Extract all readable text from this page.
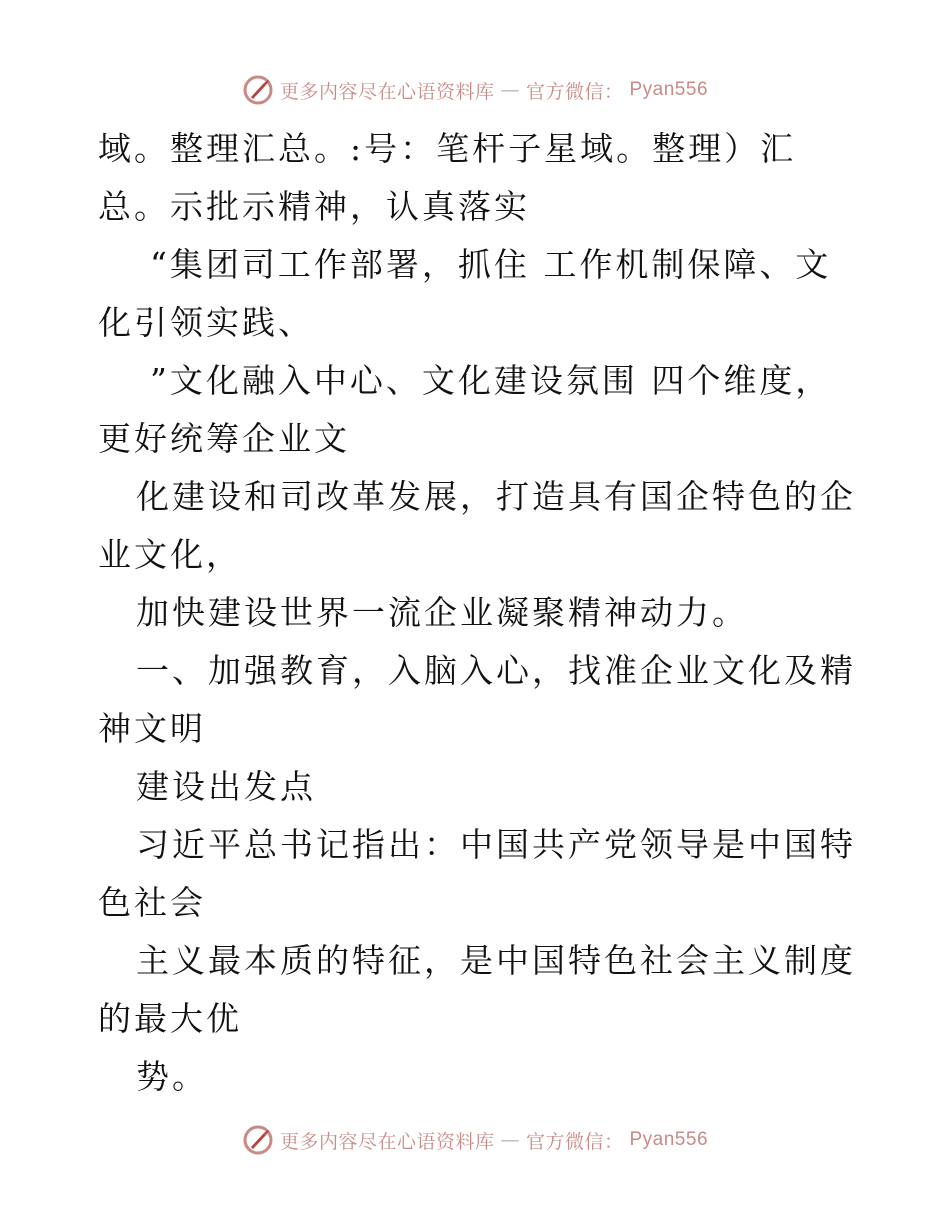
更多内容尽在心语资料库 — 官方微信： Pyan556

域。整理汇总。:号：笔杆子星域。整理）汇总。示批示精神，认真落实

“集团司工作部署，抓住 工作机制保障、文化引领实践、

”文化融入中心、文化建设氛围 四个维度，更好统筹企业文

化建设和司改革发展，打造具有国企特色的企业文化，

加快建设世界一流企业凝聚精神动力。

一、加强教育，入脑入心，找准企业文化及精神文明

建设出发点

习近平总书记指出：中国共产党领导是中国特色社会

主义最本质的特征，是中国特色社会主义制度的最大优

势。

更多内容尽在心语资料库 — 官方微信： Pyan556
